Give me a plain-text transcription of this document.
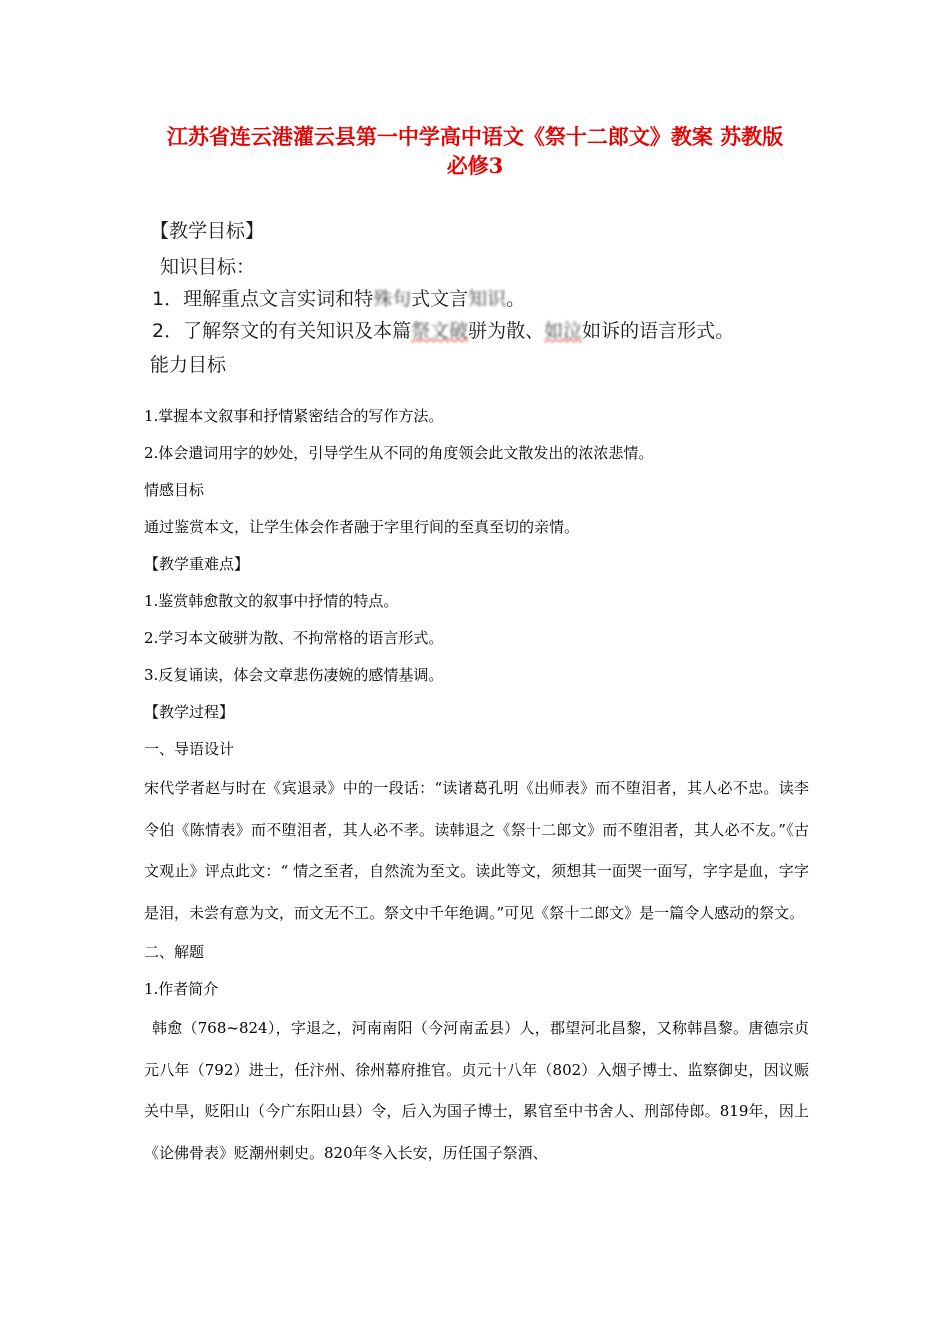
江苏省连云港灌云县第一中学高中语文《祭十二郎文》教案 苏教版
必修3
【教学目标】
知识目标：
1．理解重点文言实词和特殊句式文言知识。
2．了解祭文的有关知识及本篇祭文破骈为散、如泣如诉的语言形式。
能力目标

1.掌握本文叙事和抒情紧密结合的写作方法。

2.体会遣词用字的妙处，引导学生从不同的角度领会此文散发出的浓浓悲情。

情感目标

通过鉴赏本文，让学生体会作者融于字里行间的至真至切的亲情。

【教学重难点】

1.鉴赏韩愈散文的叙事中抒情的特点。

2.学习本文破骈为散、不拘常格的语言形式。

3.反复诵读，体会文章悲伤凄婉的感情基调。

【教学过程】

一、导语设计

宋代学者赵与时在《宾退录》中的一段话：“读诸葛孔明《出师表》而不堕泪者，其人必不忠。读李令伯《陈情表》而不堕泪者，其人必不孝。读韩退之《祭十二郎文》而不堕泪者，其人必不友。”《古文观止》评点此文：“ 情之至者，自然流为至文。读此等文，须想其一面哭一面写，字字是血，字字是泪，未尝有意为文，而文无不工。祭文中千年绝调。”可见《祭十二郎文》是一篇令人感动的祭文。

二、解题

1.作者简介

韩愈（768~824），字退之，河南南阳（今河南孟县）人，郡望河北昌黎，又称韩昌黎。唐德宗贞元八年（792）进士，任汴州、徐州幕府推官。贞元十八年（802）入烟子博士、监察御史，因议赈关中旱，贬阳山（今广东阳山县）令，后入为国子博士，累官至中书舍人、刑部侍郎。819年，因上《论佛骨表》贬潮州刺史。820年冬入长安，历任国子祭酒、
